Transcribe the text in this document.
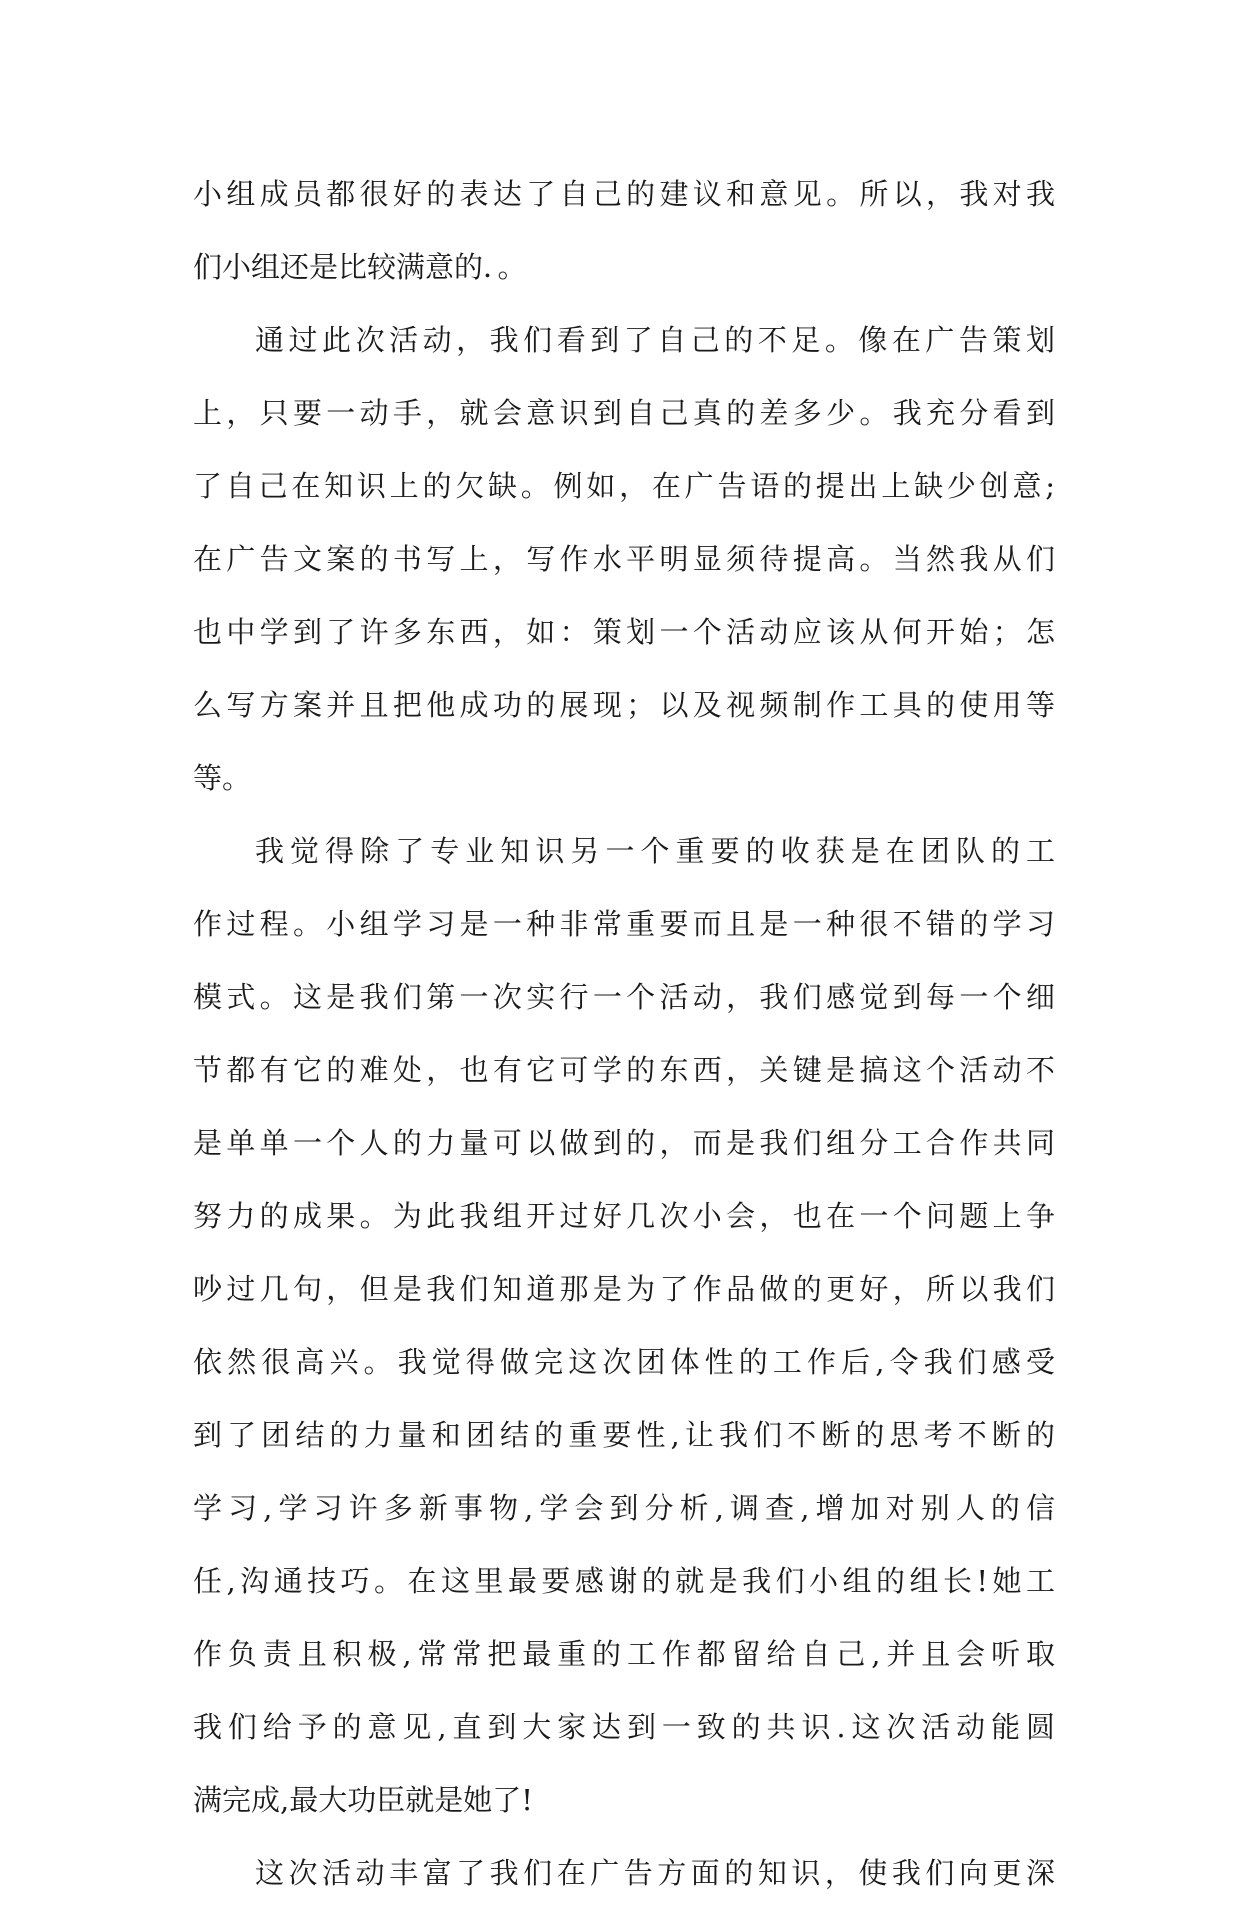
小组成员都很好的表达了自己的建议和意见。所以，我对我
们小组还是比较满意的．。
通过此次活动，我们看到了自己的不足。像在广告策划
上，只要一动手，就会意识到自己真的差多少。我充分看到
了自己在知识上的欠缺。例如，在广告语的提出上缺少创意;
在广告文案的书写上，写作水平明显须待提高。当然我从们
也中学到了许多东西，如：策划一个活动应该从何开始；怎
么写方案并且把他成功的展现；以及视频制作工具的使用等
等。
我觉得除了专业知识另一个重要的收获是在团队的工
作过程。小组学习是一种非常重要而且是一种很不错的学习
模式。这是我们第一次实行一个活动，我们感觉到每一个细
节都有它的难处，也有它可学的东西，关键是搞这个活动不
是单单一个人的力量可以做到的，而是我们组分工合作共同
努力的成果。为此我组开过好几次小会，也在一个问题上争
吵过几句，但是我们知道那是为了作品做的更好，所以我们
依然很高兴。我觉得做完这次团体性的工作后,令我们感受
到了团结的力量和团结的重要性,让我们不断的思考不断的
学习,学习许多新事物,学会到分析,调查,增加对别人的信
任,沟通技巧。在这里最要感谢的就是我们小组的组长!她工
作负责且积极,常常把最重的工作都留给自己,并且会听取
我们给予的意见,直到大家达到一致的共识.这次活动能圆
满完成,最大功臣就是她了!
这次活动丰富了我们在广告方面的知识，使我们向更深
